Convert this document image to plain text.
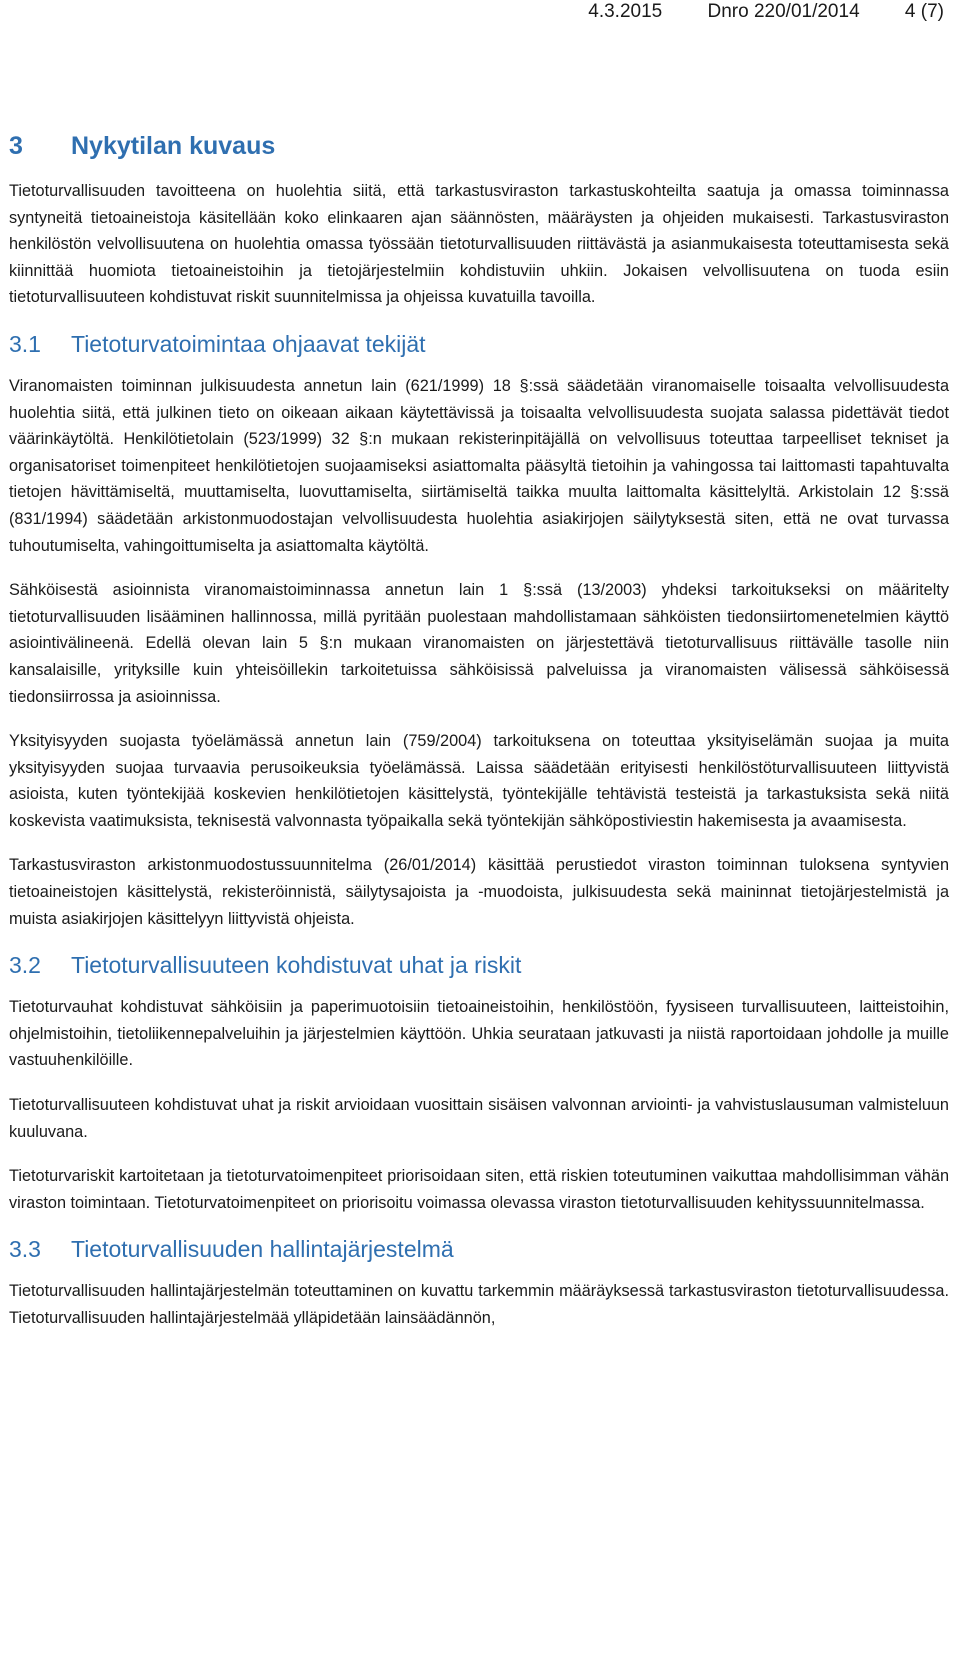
4.3.2015 Dnro 220/01/2014 4 (7)
3 Nykytilan kuvaus

Tietoturvallisuuden tavoitteena on huolehtia siitä, että tarkastusviraston tarkastuskohteilta saatuja ja omassa toiminnassa syntyneitä tietoaineistoja käsitellään koko elinkaaren ajan säännösten, määräysten ja ohjeiden mukaisesti. Tarkastusviraston henkilöstön velvollisuutena on huolehtia omassa työssään tietoturvallisuuden riittävästä ja asianmukaisesta toteuttamisesta sekä kiinnittää huomiota tietoaineistoihin ja tietojärjestelmiin kohdistuviin uhkiin. Jokaisen velvollisuutena on tuoda esiin tietoturvallisuuteen kohdistuvat riskit suunnitelmissa ja ohjeissa kuvatuilla tavoilla.

3.1 Tietoturvatoimintaa ohjaavat tekijät

Viranomaisten toiminnan julkisuudesta annetun lain (621/1999) 18 §:ssä säädetään viranomaiselle toisaalta velvollisuudesta huolehtia siitä, että julkinen tieto on oikeaan aikaan käytettävissä ja toisaalta velvollisuudesta suojata salassa pidettävät tiedot väärinkäytöltä. Henkilötietolain (523/1999) 32 §:n mukaan rekisterinpitäjällä on velvollisuus toteuttaa tarpeelliset tekniset ja organisatoriset toimenpiteet henkilötietojen suojaamiseksi asiattomalta pääsyltä tietoihin ja vahingossa tai laittomasti tapahtuvalta tietojen hävittämiseltä, muuttamiselta, luovuttamiselta, siirtämiseltä taikka muulta laittomalta käsittelyltä. Arkistolain 12 §:ssä (831/1994) säädetään arkistonmuodostajan velvollisuudesta huolehtia asiakirjojen säilytyksestä siten, että ne ovat turvassa tuhoutumiselta, vahingoittumiselta ja asiattomalta käytöltä.

Sähköisestä asioinnista viranomaistoiminnassa annetun lain 1 §:ssä (13/2003) yhdeksi tarkoitukseksi on määritelty tietoturvallisuuden lisääminen hallinnossa, millä pyritään puolestaan mahdollistamaan sähköisten tiedonsiirtomenetelmien käyttö asiointivälineenä. Edellä olevan lain 5 §:n mukaan viranomaisten on järjestettävä tietoturvallisuus riittävälle tasolle niin kansalaisille, yrityksille kuin yhteisöillekin tarkoitetuissa sähköisissä palveluissa ja viranomaisten välisessä sähköisessä tiedonsiirrossa ja asioinnissa.

Yksityisyyden suojasta työelämässä annetun lain (759/2004) tarkoituksena on toteuttaa yksityiselämän suojaa ja muita yksityisyyden suojaa turvaavia perusoikeuksia työelämässä. Laissa säädetään erityisesti henkilöstöturvallisuuteen liittyvistä asioista, kuten työntekijää koskevien henkilötietojen käsittelystä, työntekijälle tehtävistä testeistä ja tarkastuksista sekä niitä koskevista vaatimuksista, teknisestä valvonnasta työpaikalla sekä työntekijän sähköpostiviestin hakemisesta ja avaamisesta.

Tarkastusviraston arkistonmuodostussuunnitelma (26/01/2014) käsittää perustiedot viraston toiminnan tuloksena syntyvien tietoaineistojen käsittelystä, rekisteröinnistä, säilytysajoista ja -muodoista, julkisuudesta sekä maininnat tietojärjestelmistä ja muista asiakirjojen käsittelyyn liittyvistä ohjeista.

3.2 Tietoturvallisuuteen kohdistuvat uhat ja riskit

Tietoturvauhat kohdistuvat sähköisiin ja paperimuotoisiin tietoaineistoihin, henkilöstöön, fyysiseen turvallisuuteen, laitteistoihin, ohjelmistoihin, tietoliikennepalveluihin ja järjestelmien käyttöön. Uhkia seurataan jatkuvasti ja niistä raportoidaan johdolle ja muille vastuuhenkilöille.

Tietoturvallisuuteen kohdistuvat uhat ja riskit arvioidaan vuosittain sisäisen valvonnan arviointi- ja vahvistuslausuman valmisteluun kuuluvana.

Tietoturvariskit kartoitetaan ja tietoturvatoimenpiteet priorisoidaan siten, että riskien toteutuminen vaikuttaa mahdollisimman vähän viraston toimintaan. Tietoturvatoimenpiteet on priorisoitu voimassa olevassa viraston tietoturvallisuuden kehityssuunnitelmassa.

3.3 Tietoturvallisuuden hallintajärjestelmä

Tietoturvallisuuden hallintajärjestelmän toteuttaminen on kuvattu tarkemmin määräyksessä tarkastusviraston tietoturvallisuudessa. Tietoturvallisuuden hallintajärjestelmää ylläpidetään lainsäädännön,
